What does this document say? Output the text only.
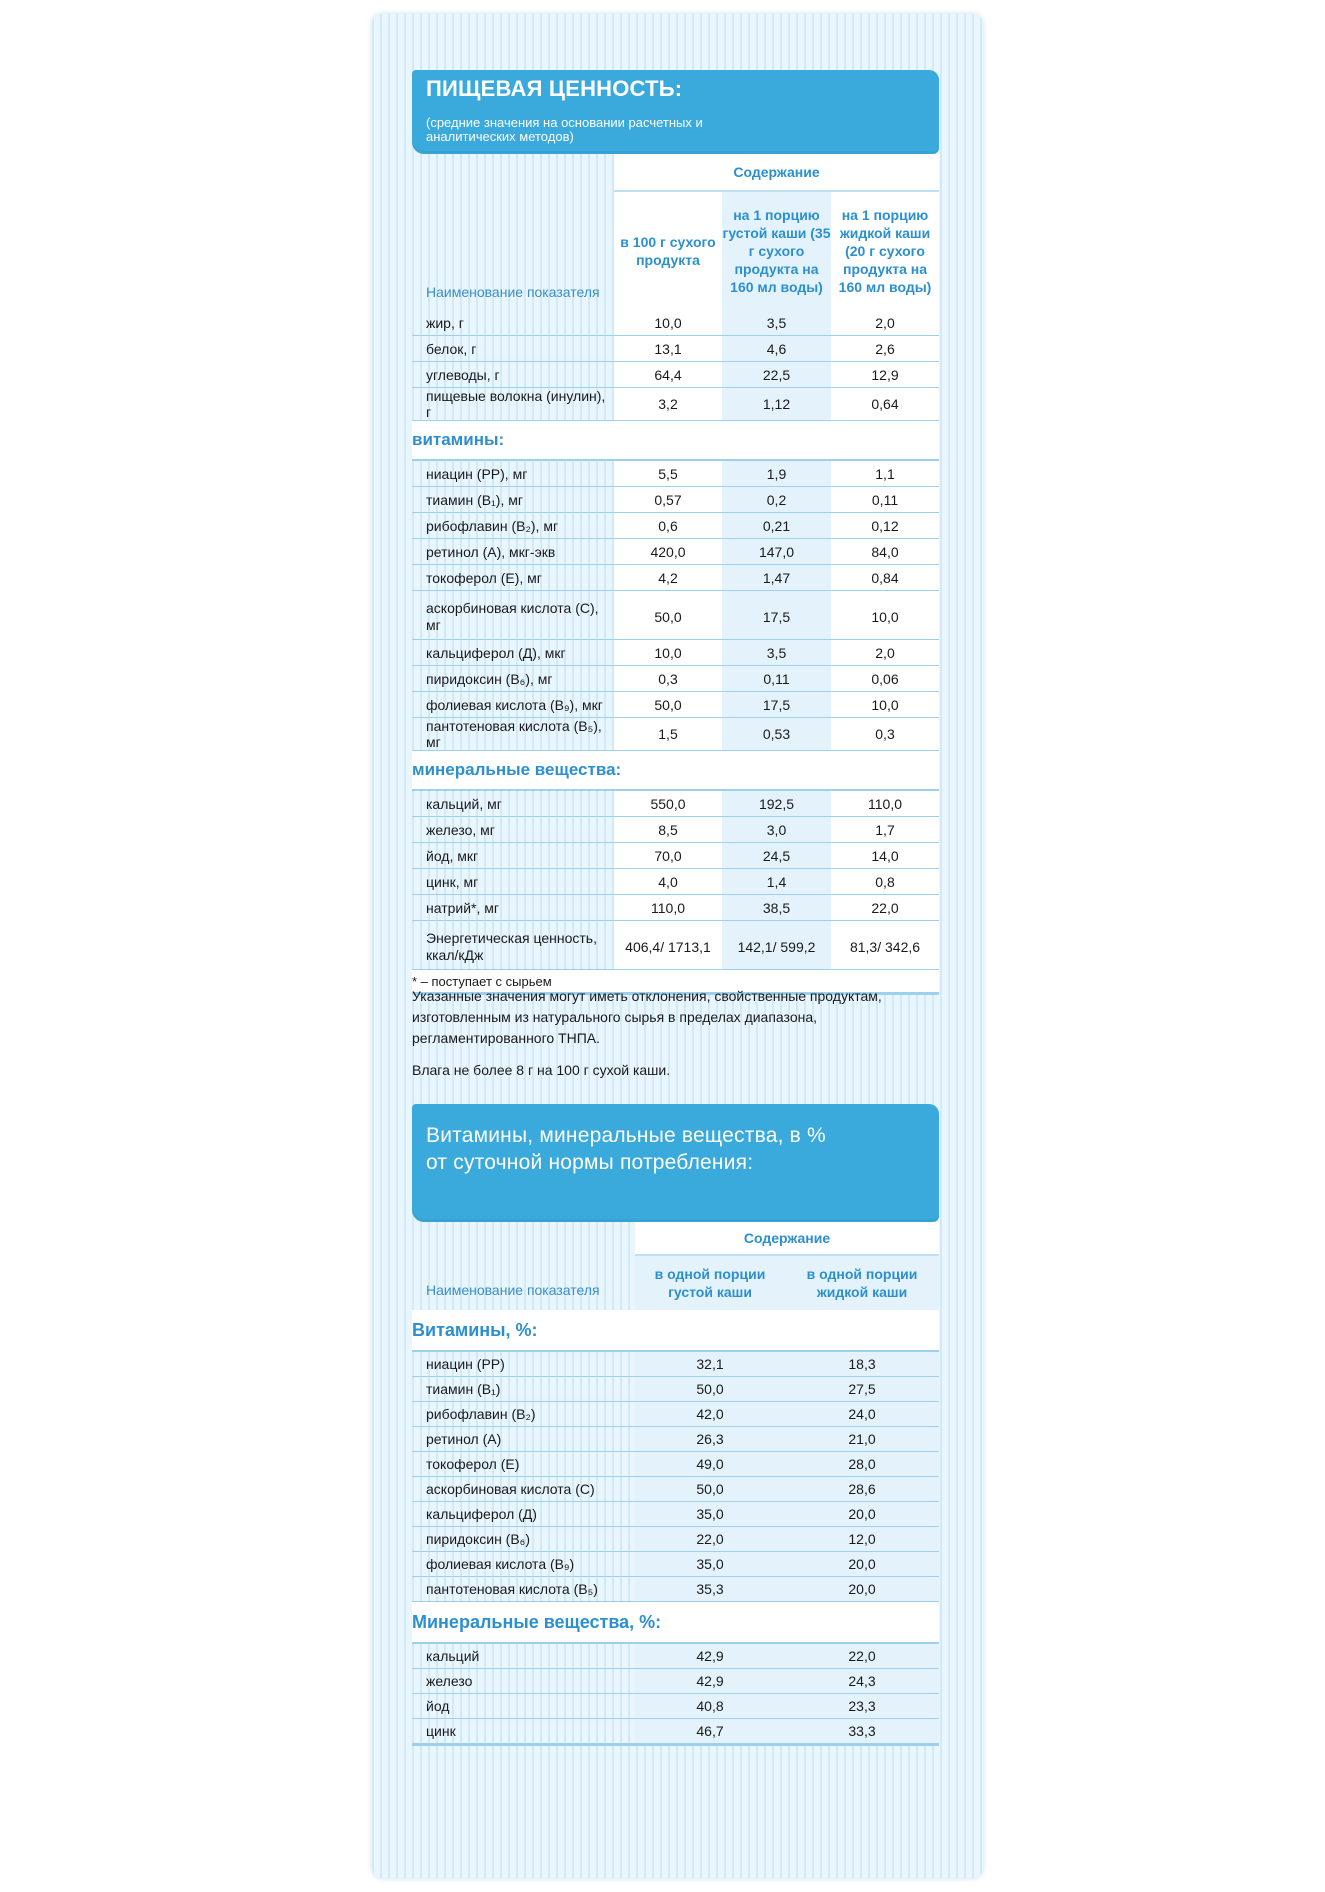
ПИЩЕВАЯ ЦЕННОСТЬ:
(средние значения на основании расчетных и аналитических методов)
Наименование показателя	Содержание		
	в 100 г сухого продукта	на 1 порцию густой каши (35 г сухого продукта на 160 мл воды)	на 1 порцию жидкой каши (20 г сухого продукта на 160 мл воды)
жир, г	10,0	3,5	2,0
белок, г	13,1	4,6	2,6
углеводы, г	64,4	22,5	12,9
пищевые волокна (инулин), г	3,2	1,12	0,64
витамины:			
ниацин (PP), мг	5,5	1,9	1,1
тиамин (B₁), мг	0,57	0,2	0,11
рибофлавин (B₂), мг	0,6	0,21	0,12
ретинол (А), мкг-экв	420,0	147,0	84,0
токоферол (Е), мг	4,2	1,47	0,84
аскорбиновая кислота (С), мг	50,0	17,5	10,0
кальциферол (Д), мкг	10,0	3,5	2,0
пиридоксин (B₆), мг	0,3	0,11	0,06
фолиевая кислота (B₉), мкг	50,0	17,5	10,0
пантотеновая кислота (B₅), мг	1,5	0,53	0,3
минеральные вещества:			
кальций, мг	550,0	192,5	110,0
железо, мг	8,5	3,0	1,7
йод, мкг	70,0	24,5	14,0
цинк, мг	4,0	1,4	0,8
натрий*, мг	110,0	38,5	22,0
Энергетическая ценность, ккал/кДж	406,4/ 1713,1	142,1/ 599,2	81,3/ 342,6
* – поступает с сырьем			
Указанные значения могут иметь отклонения, свойственные продуктам, изготовленным из натурального сырья в пределах диапазона, регламентированного ТНПА.
Влага не более 8 г на 100 г сухой каши.
Витамины, минеральные вещества, в % от суточной нормы потребления:
Наименование показателя	Содержание	
	в одной порции густой каши	в одной порции жидкой каши
Витамины, %:		
ниацин (PP)	32,1	18,3
тиамин (B₁)	50,0	27,5
рибофлавин (B₂)	42,0	24,0
ретинол (А)	26,3	21,0
токоферол (Е)	49,0	28,0
аскорбиновая кислота (С)	50,0	28,6
кальциферол (Д)	35,0	20,0
пиридоксин (B₆)	22,0	12,0
фолиевая кислота (B₉)	35,0	20,0
пантотеновая кислота (B₅)	35,3	20,0
Минеральные вещества, %:		
кальций	42,9	22,0
железо	42,9	24,3
йод	40,8	23,3
цинк	46,7	33,3
